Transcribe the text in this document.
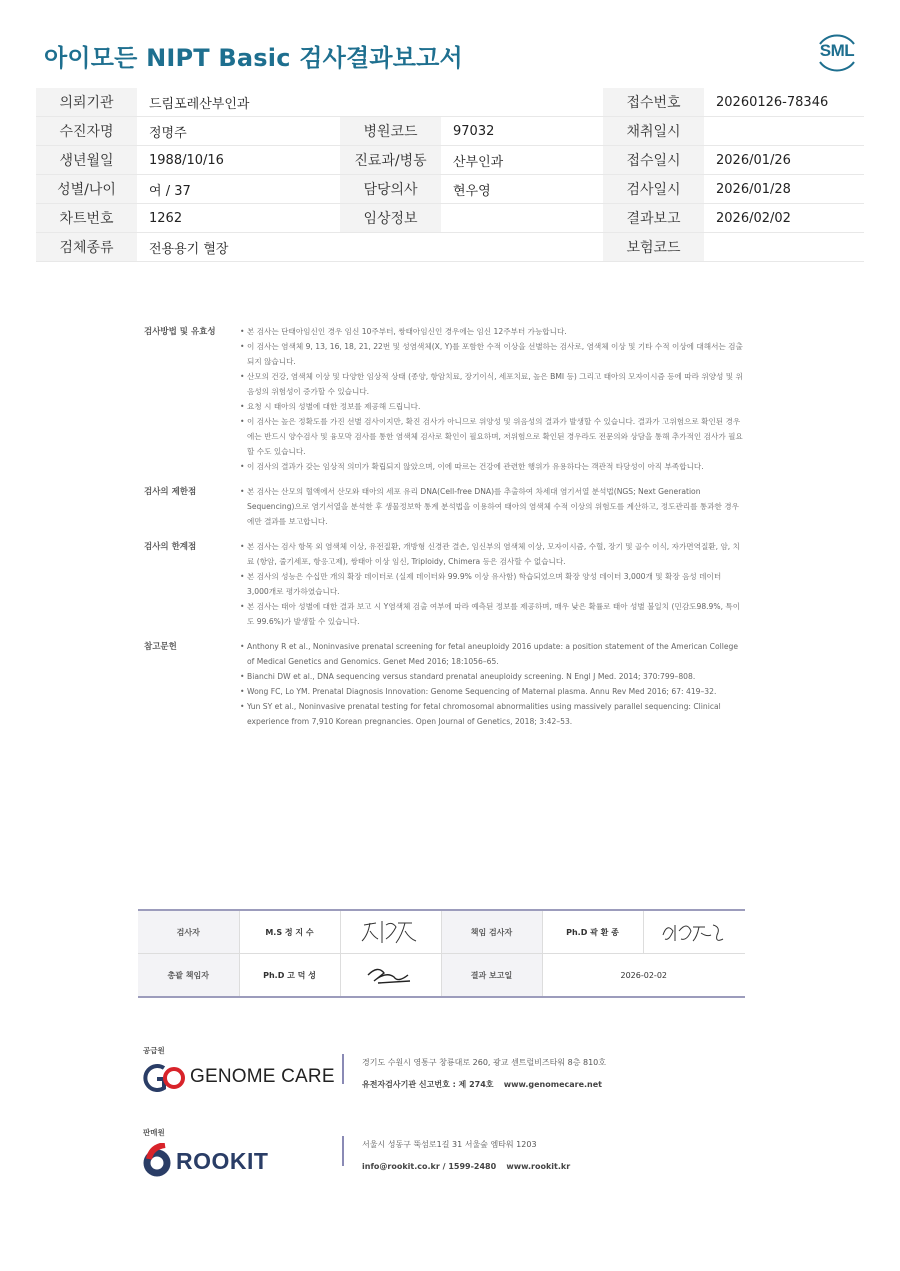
아이모든 NIPT Basic 검사결과보고서	SML
의뢰기관	드림포레산부인과			접수번호	20260126-78346
수진자명	정명주	병원코드	97032	채취일시	
생년월일	1988/10/16	진료과/병동	산부인과	접수일시	2026/01/26
성별/나이	여 / 37	담당의사	현우영	검사일시	2026/01/28
차트번호	1262	임상정보		결과보고	2026/02/02
검체종류	전용용기 혈장			보험코드	
검사방법 및 유효성	• 본 검사는 단태아임신인 경우 임신 10주부터, 쌍태아임신인 경우에는 임신 12주부터 가능합니다.
• 이 검사는 염색체 9, 13, 16, 18, 21, 22번 및 성염색체(X, Y)를 포함한 수적 이상을 선별하는 검사로, 염색체 이상 및 기타 수적 이상에 대해서는 검출되지 않습니다.
• 산모의 건강, 염색체 이상 및 다양한 임상적 상태 (종양, 항암치료, 장기이식, 세포치료, 높은 BMI 등) 그리고 태아의 모자이시즘 등에 따라 위양성 및 위음성의 위험성이 증가할 수 있습니다.
• 요청 시 태아의 성별에 대한 정보를 제공해 드립니다.
• 이 검사는 높은 정확도를 가진 선별 검사이지만, 확진 검사가 아니므로 위양성 및 위음성의 결과가 발생할 수 있습니다. 결과가 고위험으로 확인된 경우에는 반드시 양수검사 및 융모막 검사를 통한 염색체 검사로 확인이 필요하며, 저위험으로 확인된 경우라도 전문의와 상담을 통해 추가적인 검사가 필요할 수도 있습니다.
• 이 검사의 결과가 갖는 임상적 의미가 확립되지 않았으며, 이에 따르는 건강에 관련한 행위가 유용하다는 객관적 타당성이 아직 부족합니다.
검사의 제한점	• 본 검사는 산모의 혈액에서 산모와 태아의 세포 유리 DNA(Cell-free DNA)를 추출하여 차세대 염기서열 분석법(NGS; Next Generation Sequencing)으로 염기서열을 분석한 후 생물정보학 통계 분석법을 이용하여 태아의 염색체 수적 이상의 위험도를 계산하고, 정도관리를 통과한 경우에만 결과를 보고합니다.
검사의 한계점	• 본 검사는 검사 항목 외 염색체 이상, 유전질환, 개방형 신경관 결손, 임신부의 염색체 이상, 모자이시즘, 수혈, 장기 및 골수 이식, 자가면역질환, 암, 치료 (항암, 줄기세포, 항응고제), 쌍태아 이상 임신, Triploidy, Chimera 등은 검사할 수 없습니다.
• 본 검사의 성능은 수십만 개의 확장 데이터로 (실제 데이터와 99.9% 이상 유사함) 학습되었으며 확장 양성 데이터 3,000개 및 확장 음성 데이터 3,000개로 평가하였습니다.
• 본 검사는 태아 성별에 대한 결과 보고 시 Y염색체 검출 여부에 따라 예측된 정보를 제공하며, 매우 낮은 확률로 태아 성별 불일치 (민감도98.9%, 특이도 99.6%)가 발생할 수 있습니다.
참고문헌	• Anthony R et al., Noninvasive prenatal screening for fetal aneuploidy 2016 update: a position statement of the American College of Medical Genetics and Genomics. Genet Med 2016; 18:1056–65.
• Bianchi DW et al., DNA sequencing versus standard prenatal aneuploidy screening. N Engl J Med. 2014; 370:799–808.
• Wong FC, Lo YM. Prenatal Diagnosis Innovation: Genome Sequencing of Maternal plasma. Annu Rev Med 2016; 67: 419–32.
• Yun SY et al., Noninvasive prenatal testing for fetal chromosomal abnormalities using massively parallel sequencing: Clinical experience from 7,910 Korean pregnancies. Open Journal of Genetics, 2018; 3:42–53.
검사자	M.S 정 지 수		책임 검사자	Ph.D 곽 환 종	

총괄 책임자	Ph.D 고 덕 성		결과 보고일	2026-02-02	
공급원
GENOME CARE
경기도 수원시 영통구 창룡대로 260, 광교 센트럴비즈타워 8층 810호
유전자검사기관 신고번호 : 제 274호 www.genomecare.net
판매원
ROOKIT
서울시 성동구 뚝섬로1길 31 서울숲 엠타워 1203
info@rookit.co.kr / 1599-2480 www.rookit.kr
